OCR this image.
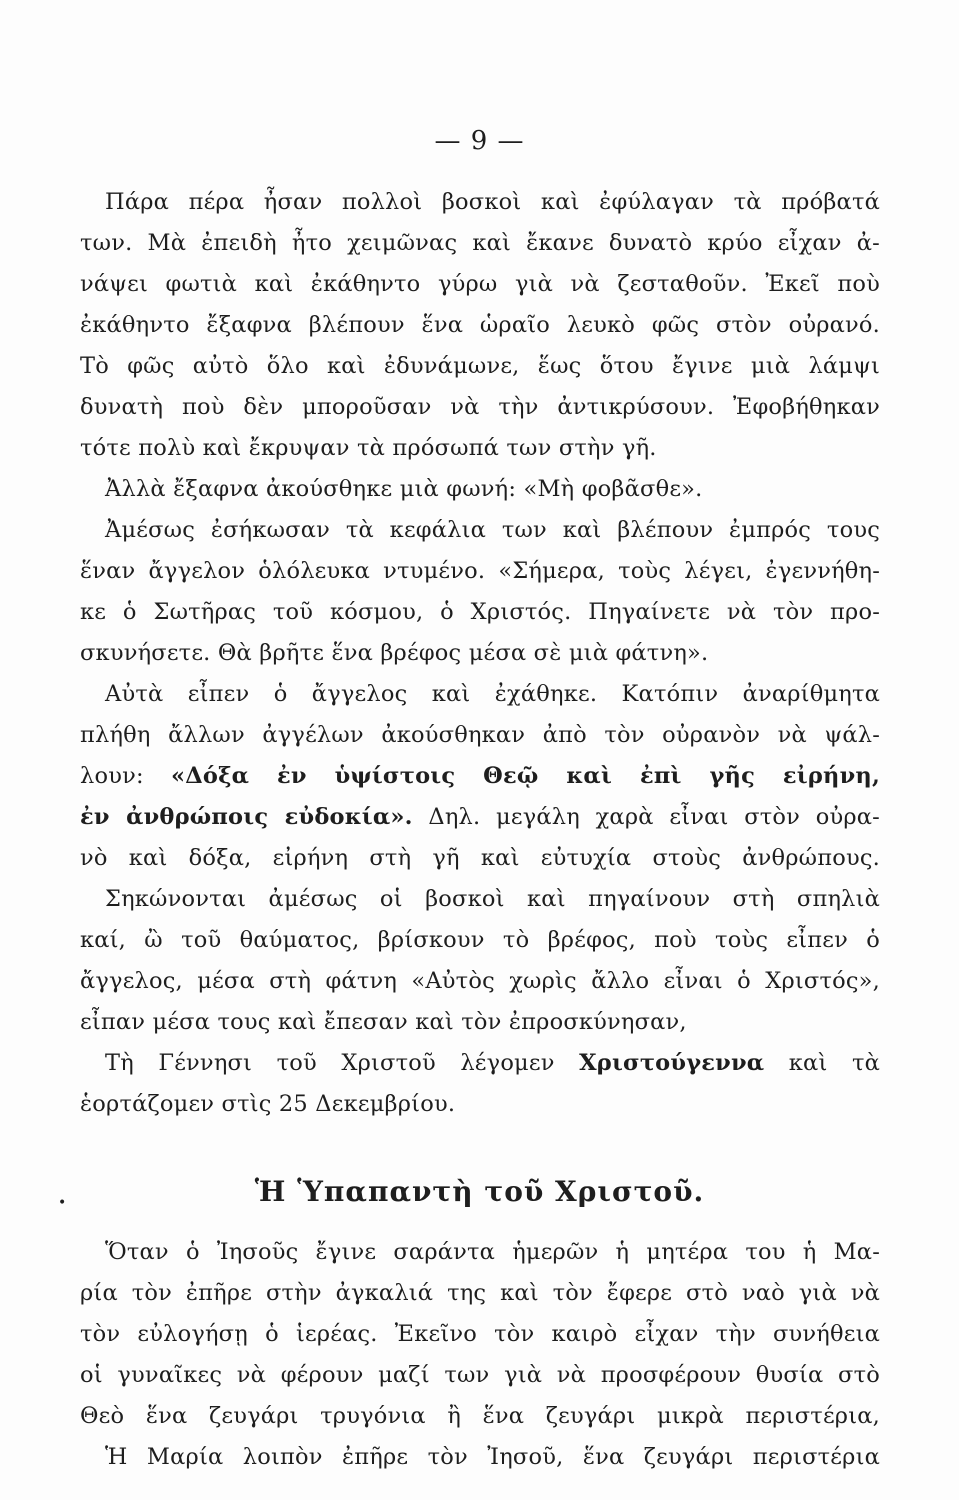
— 9 —
Πάρα πέρα ἦσαν πολλοὶ βοσκοὶ καὶ ἐφύλαγαν τὰ πρόβατά
των. Μὰ ἐπειδὴ ἦτο χειμῶνας καὶ ἔκανε δυνατὸ κρύο εἶχαν ἀ-
νάψει φωτιὰ καὶ ἐκάθηντο γύρω γιὰ νὰ ζεσταθοῦν. Ἐκεῖ ποὺ
ἐκάθηντο ἔξαφνα βλέπουν ἕνα ὡραῖο λευκὸ φῶς στὸν οὐρανό.
Τὸ φῶς αὐτὸ ὅλο καὶ ἐδυνάμωνε, ἕως ὅτου ἔγινε μιὰ λάμψι
δυνατὴ ποὺ δὲν μποροῦσαν νὰ τὴν ἀντικρύσουν. Ἐφοβήθηκαν
τότε πολὺ καὶ ἔκρυψαν τὰ πρόσωπά των στὴν γῆ.
Ἀλλὰ ἔξαφνα ἀκούσθηκε μιὰ φωνή: «Μὴ φοβᾶσθε».
Ἀμέσως ἐσήκωσαν τὰ κεφάλια των καὶ βλέπουν ἐμπρός τους
ἕναν ἄγγελον ὁλόλευκα ντυμένο. «Σήμερα, τοὺς λέγει, ἐγεννήθη-
κε ὁ Σωτῆρας τοῦ κόσμου, ὁ Χριστός. Πηγαίνετε νὰ τὸν προ-
σκυνήσετε. Θὰ βρῆτε ἕνα βρέφος μέσα σὲ μιὰ φάτνη».
Αὐτὰ εἶπεν ὁ ἄγγελος καὶ ἐχάθηκε. Κατόπιν ἀναρίθμητα
πλήθη ἄλλων ἀγγέλων ἀκούσθηκαν ἀπὸ τὸν οὐρανὸν νὰ ψάλ-
λουν: «Δόξα ἐν ὑψίστοις Θεῷ καὶ ἐπὶ γῆς εἰρήνη,
ἐν ἀνθρώποις εὐδοκία». Δηλ. μεγάλη χαρὰ εἶναι στὸν οὐρα-
νὸ καὶ δόξα, εἰρήνη στὴ γῆ καὶ εὐτυχία στοὺς ἀνθρώπους.
Σηκώνονται ἀμέσως οἱ βοσκοὶ καὶ πηγαίνουν στὴ σπηλιὰ
καί, ὢ τοῦ θαύματος, βρίσκουν τὸ βρέφος, ποὺ τοὺς εἶπεν ὁ
ἄγγελος, μέσα στὴ φάτνη «Αὐτὸς χωρὶς ἄλλο εἶναι ὁ Χριστός»,
εἶπαν μέσα τους καὶ ἔπεσαν καὶ τὸν ἐπροσκύνησαν,
Τὴ Γέννησι τοῦ Χριστοῦ λέγομεν Χριστούγεννα καὶ τὰ
ἑορτάζομεν στὶς 25 Δεκεμβρίου.
Ἡ Ὑπαπαντὴ τοῦ Χριστοῦ.
•
Ὅταν ὁ Ἰησοῦς ἔγινε σαράντα ἡμερῶν ἡ μητέρα του ἡ Μα-
ρία τὸν ἐπῆρε στὴν ἀγκαλιά της καὶ τὸν ἔφερε στὸ ναὸ γιὰ νὰ
τὸν εὐλογήσῃ ὁ ἱερέας. Ἐκεῖνο τὸν καιρὸ εἶχαν τὴν συνήθεια
οἱ γυναῖκες νὰ φέρουν μαζί των γιὰ νὰ προσφέρουν θυσία στὸ
Θεὸ ἕνα ζευγάρι τρυγόνια ἢ ἕνα ζευγάρι μικρὰ περιστέρια,
Ἡ Μαρία λοιπὸν ἐπῆρε τὸν Ἰησοῦ, ἕνα ζευγάρι περιστέρια
